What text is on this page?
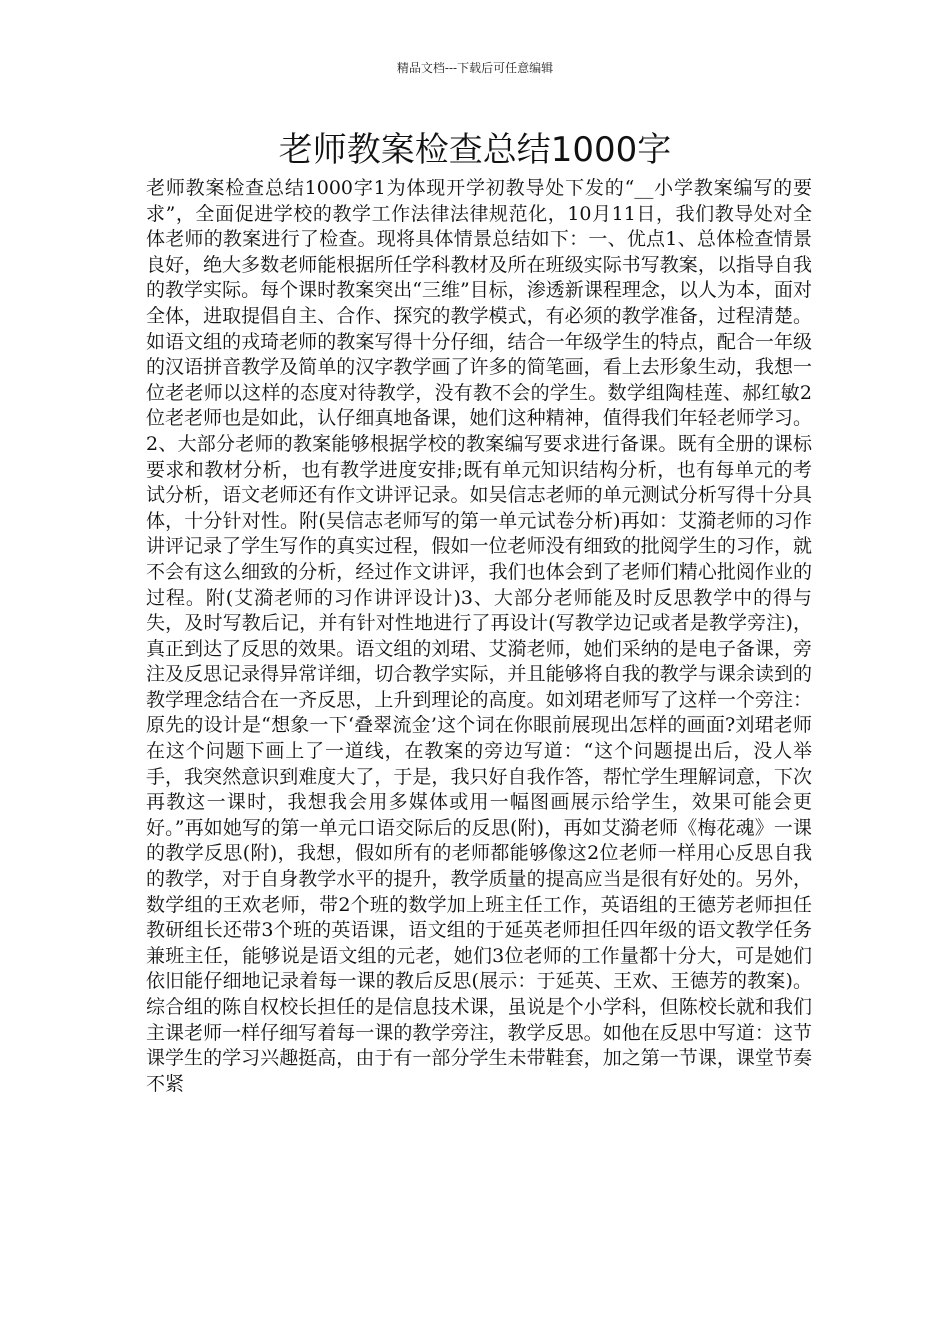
精品文档---下载后可任意编辑
老师教案检查总结1000字

老师教案检查总结1000字1为体现开学初教导处下发的“__小学教案编写的要求”，全面促进学校的教学工作法律法律规范化，10月11日，我们教导处对全体老师的教案进行了检查。现将具体情景总结如下：一、优点1、总体检查情景良好，绝大多数老师能根据所任学科教材及所在班级实际书写教案，以指导自我的教学实际。每个课时教案突出“三维”目标，渗透新课程理念，以人为本，面对全体，进取提倡自主、合作、探究的教学模式，有必须的教学准备，过程清楚。如语文组的戎琦老师的教案写得十分仔细，结合一年级学生的特点，配合一年级的汉语拼音教学及简单的汉字教学画了许多的简笔画，看上去形象生动，我想一位老老师以这样的态度对待教学，没有教不会的学生。数学组陶桂莲、郝红敏2位老老师也是如此，认仔细真地备课，她们这种精神，值得我们年轻老师学习。2、大部分老师的教案能够根据学校的教案编写要求进行备课。既有全册的课标要求和教材分析，也有教学进度安排;既有单元知识结构分析，也有每单元的考试分析，语文老师还有作文讲评记录。如吴信志老师的单元测试分析写得十分具体，十分针对性。附(吴信志老师写的第一单元试卷分析)再如：艾漪老师的习作讲评记录了学生写作的真实过程，假如一位老师没有细致的批阅学生的习作，就不会有这么细致的分析，经过作文讲评，我们也体会到了老师们精心批阅作业的过程。附(艾漪老师的习作讲评设计)3、大部分老师能及时反思教学中的得与失，及时写教后记，并有针对性地进行了再设计(写教学边记或者是教学旁注)，真正到达了反思的效果。语文组的刘珺、艾漪老师，她们采纳的是电子备课，旁注及反思记录得异常详细，切合教学实际，并且能够将自我的教学与课余读到的教学理念结合在一齐反思，上升到理论的高度。如刘珺老师写了这样一个旁注：原先的设计是“想象一下‘叠翠流金’这个词在你眼前展现出怎样的画面?刘珺老师在这个问题下画上了一道线，在教案的旁边写道：“这个问题提出后，没人举手，我突然意识到难度大了，于是，我只好自我作答，帮忙学生理解词意，下次再教这一课时，我想我会用多媒体或用一幅图画展示给学生，效果可能会更好。”再如她写的第一单元口语交际后的反思(附)，再如艾漪老师《梅花魂》一课的教学反思(附)，我想，假如所有的老师都能够像这2位老师一样用心反思自我的教学，对于自身教学水平的提升，教学质量的提高应当是很有好处的。另外，数学组的王欢老师，带2个班的数学加上班主任工作，英语组的王德芳老师担任教研组长还带3个班的英语课，语文组的于延英老师担任四年级的语文教学任务兼班主任，能够说是语文组的元老，她们3位老师的工作量都十分大，可是她们依旧能仔细地记录着每一课的教后反思(展示：于延英、王欢、王德芳的教案)。综合组的陈自权校长担任的是信息技术课，虽说是个小学科，但陈校长就和我们主课老师一样仔细写着每一课的教学旁注，教学反思。如他在反思中写道：这节课学生的学习兴趣挺高，由于有一部分学生未带鞋套，加之第一节课，课堂节奏不紧
